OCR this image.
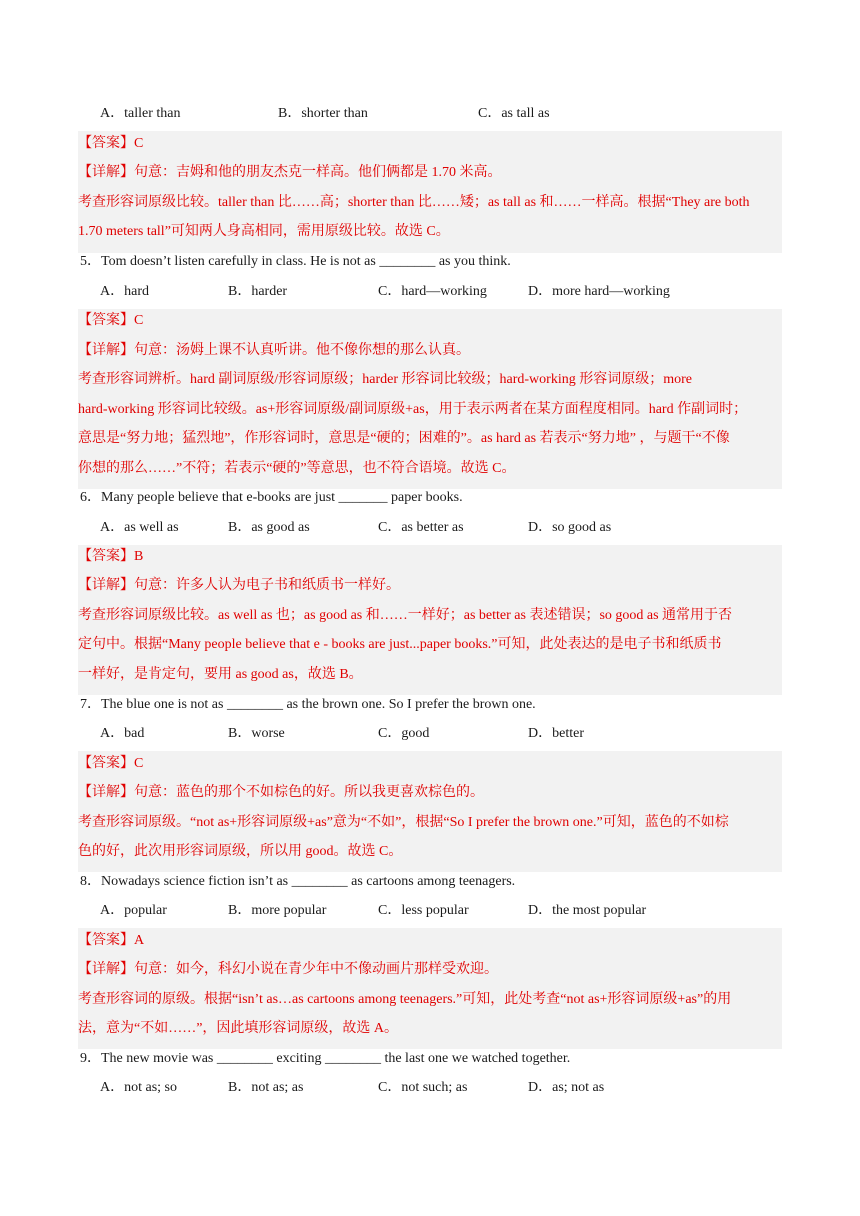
A．taller than	B．shorter than	C．as tall as
【答案】C
【详解】句意：吉姆和他的朋友杰克一样高。他们俩都是 1.70 米高。
考查形容词原级比较。taller than 比……高；shorter than 比……矮；as tall as 和……一样高。根据“They are both
1.70 meters tall”可知两人身高相同，需用原级比较。故选 C。
5．Tom doesn’t listen carefully in class. He is not as ________ as you think.
A．hard	B．harder	C．hard—working	D．more hard—working
【答案】C
【详解】句意：汤姆上课不认真听讲。他不像你想的那么认真。
考查形容词辨析。hard 副词原级/形容词原级；harder 形容词比较级；hard-working 形容词原级；more
hard-working 形容词比较级。as+形容词原级/副词原级+as，用于表示两者在某方面程度相同。hard 作副词时；
意思是“努力地；猛烈地”，作形容词时，意思是“硬的；困难的”。as hard as 若表示“努力地” ，与题干“不像
你想的那么……”不符；若表示“硬的”等意思，也不符合语境。故选 C。
6．Many people believe that e-books are just _______ paper books.
A．as well as	B．as good as	C．as better as	D．so good as
【答案】B
【详解】句意：许多人认为电子书和纸质书一样好。
考查形容词原级比较。as well as 也；as good as 和……一样好；as better as 表述错误；so good as 通常用于否
定句中。根据“Many people believe that e - books are just...paper books.”可知，此处表达的是电子书和纸质书
一样好，是肯定句，要用 as good as，故选 B。
7．The blue one is not as ________ as the brown one. So I prefer the brown one.
A．bad	B．worse	C．good	D．better
【答案】C
【详解】句意：蓝色的那个不如棕色的好。所以我更喜欢棕色的。
考查形容词原级。“not as+形容词原级+as”意为“不如”，根据“So I prefer the brown one.”可知，蓝色的不如棕
色的好，此次用形容词原级，所以用 good。故选 C。
8．Nowadays science fiction isn’t as ________ as cartoons among teenagers.
A．popular	B．more popular	C．less popular	D．the most popular
【答案】A
【详解】句意：如今，科幻小说在青少年中不像动画片那样受欢迎。
考查形容词的原级。根据“isn’t as…as cartoons among teenagers.”可知，此处考查“not as+形容词原级+as”的用
法，意为“不如……”，因此填形容词原级，故选 A。
9．The new movie was ________ exciting ________ the last one we watched together.
A．not as; so	B．not as; as	C．not such; as	D．as; not as
